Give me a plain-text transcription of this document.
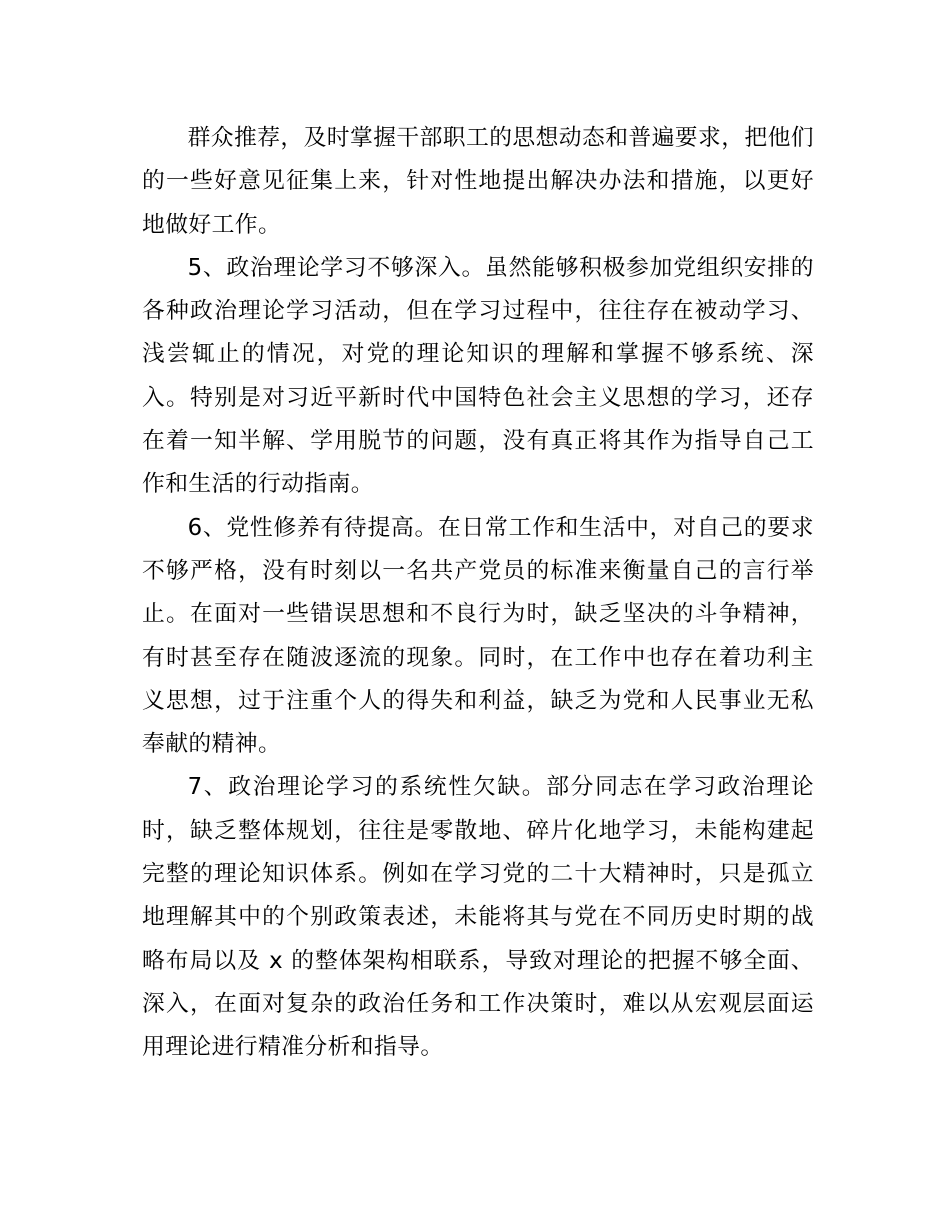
群众推荐，及时掌握干部职工的思想动态和普遍要求，把他们的一些好意见征集上来，针对性地提出解决办法和措施，以更好地做好工作。

5、政治理论学习不够深入。虽然能够积极参加党组织安排的各种政治理论学习活动，但在学习过程中，往往存在被动学习、浅尝辄止的情况，对党的理论知识的理解和掌握不够系统、深入。特别是对习近平新时代中国特色社会主义思想的学习，还存在着一知半解、学用脱节的问题，没有真正将其作为指导自己工作和生活的行动指南。

6、党性修养有待提高。在日常工作和生活中，对自己的要求不够严格，没有时刻以一名共产党员的标准来衡量自己的言行举止。在面对一些错误思想和不良行为时，缺乏坚决的斗争精神，有时甚至存在随波逐流的现象。同时，在工作中也存在着功利主义思想，过于注重个人的得失和利益，缺乏为党和人民事业无私奉献的精神。

7、政治理论学习的系统性欠缺。部分同志在学习政治理论时，缺乏整体规划，往往是零散地、碎片化地学习，未能构建起完整的理论知识体系。例如在学习党的二十大精神时，只是孤立地理解其中的个别政策表述，未能将其与党在不同历史时期的战略布局以及 x 的整体架构相联系，导致对理论的把握不够全面、深入，在面对复杂的政治任务和工作决策时，难以从宏观层面运用理论进行精准分析和指导。
